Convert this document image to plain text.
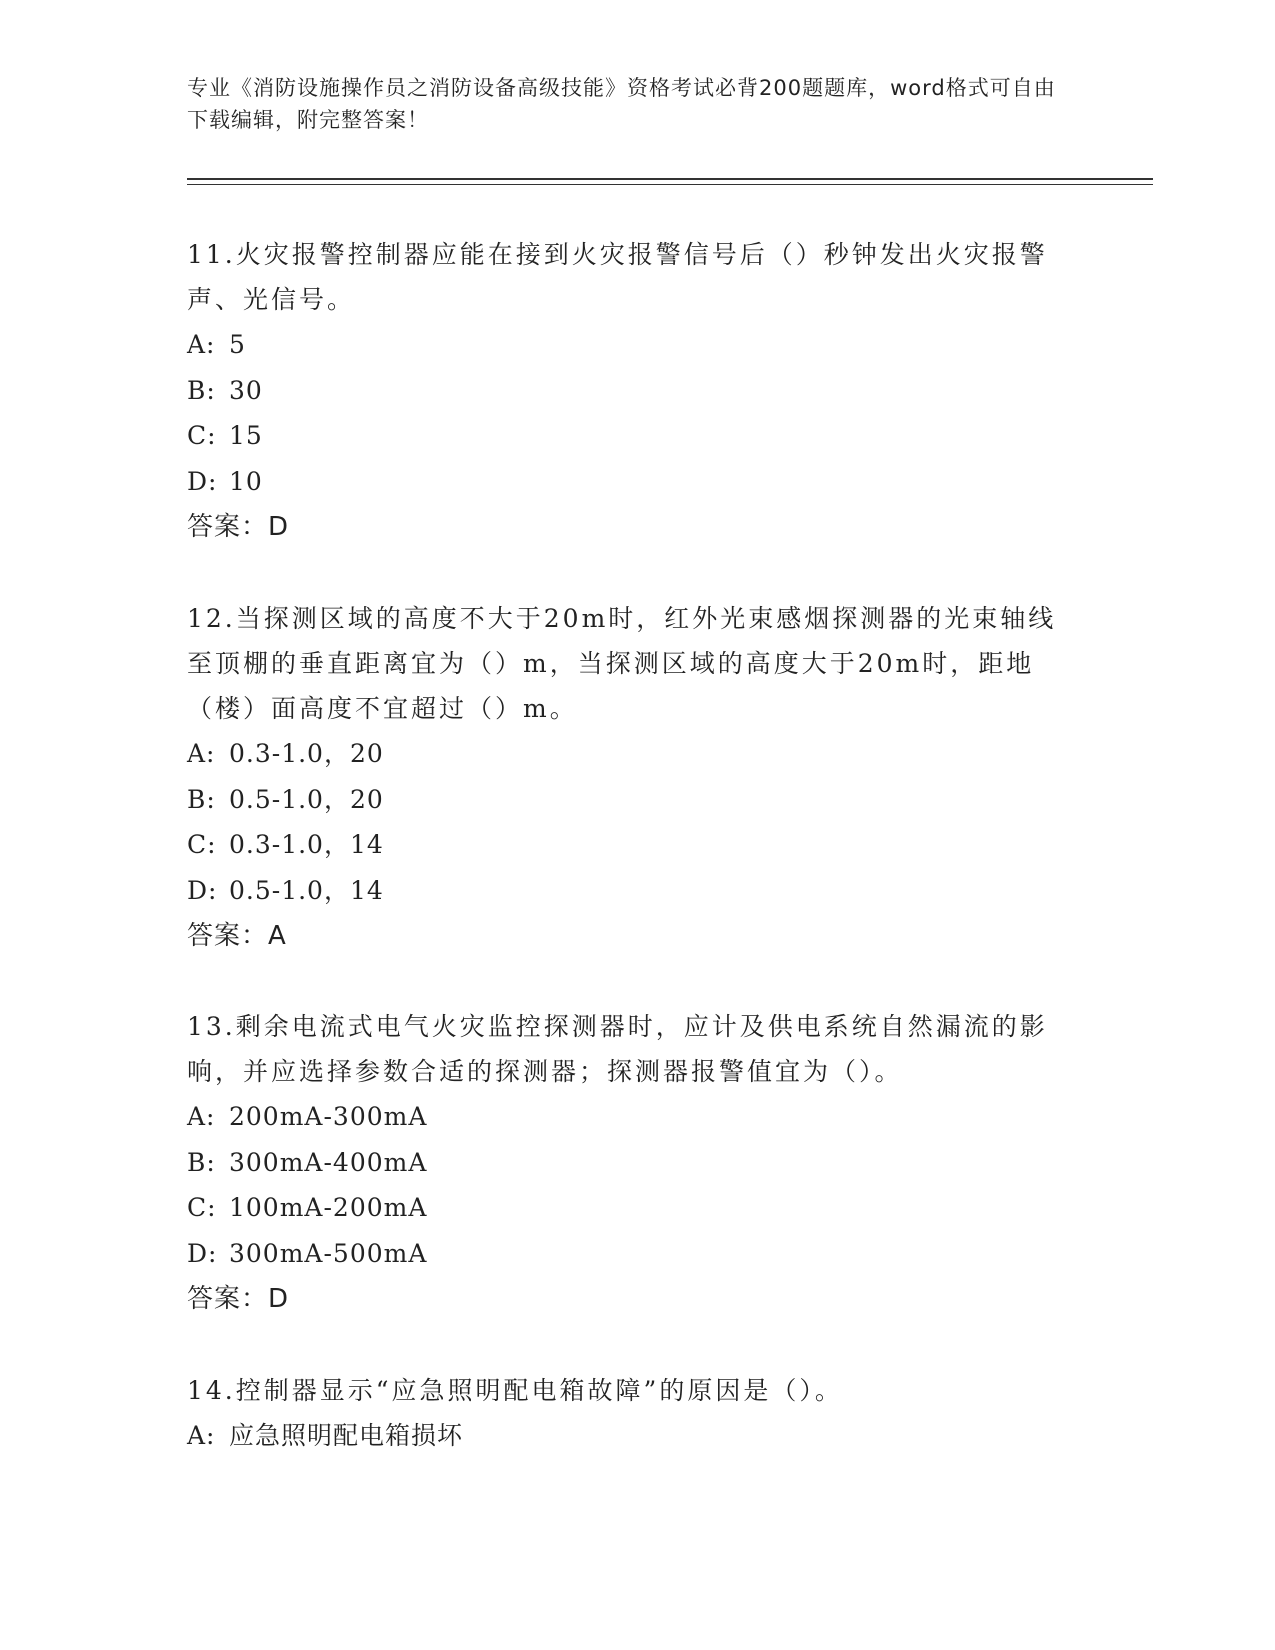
专业《消防设施操作员之消防设备高级技能》资格考试必背200题题库，word格式可自由下载编辑，附完整答案！

11.火灾报警控制器应能在接到火灾报警信号后（）秒钟发出火灾报警声、光信号。

A: 5

B: 30

C: 15

D: 10

答案：D

12.当探测区域的高度不大于20m时，红外光束感烟探测器的光束轴线至顶棚的垂直距离宜为（）m，当探测区域的高度大于20m时，距地（楼）面高度不宜超过（）m。

A: 0.3-1.0，20

B: 0.5-1.0，20

C: 0.3-1.0，14

D: 0.5-1.0，14

答案：A

13.剩余电流式电气火灾监控探测器时，应计及供电系统自然漏流的影响，并应选择参数合适的探测器；探测器报警值宜为（）。

A: 200mA-300mA

B: 300mA-400mA

C: 100mA-200mA

D: 300mA-500mA

答案：D

14.控制器显示“应急照明配电箱故障”的原因是（）。

A: 应急照明配电箱损坏
